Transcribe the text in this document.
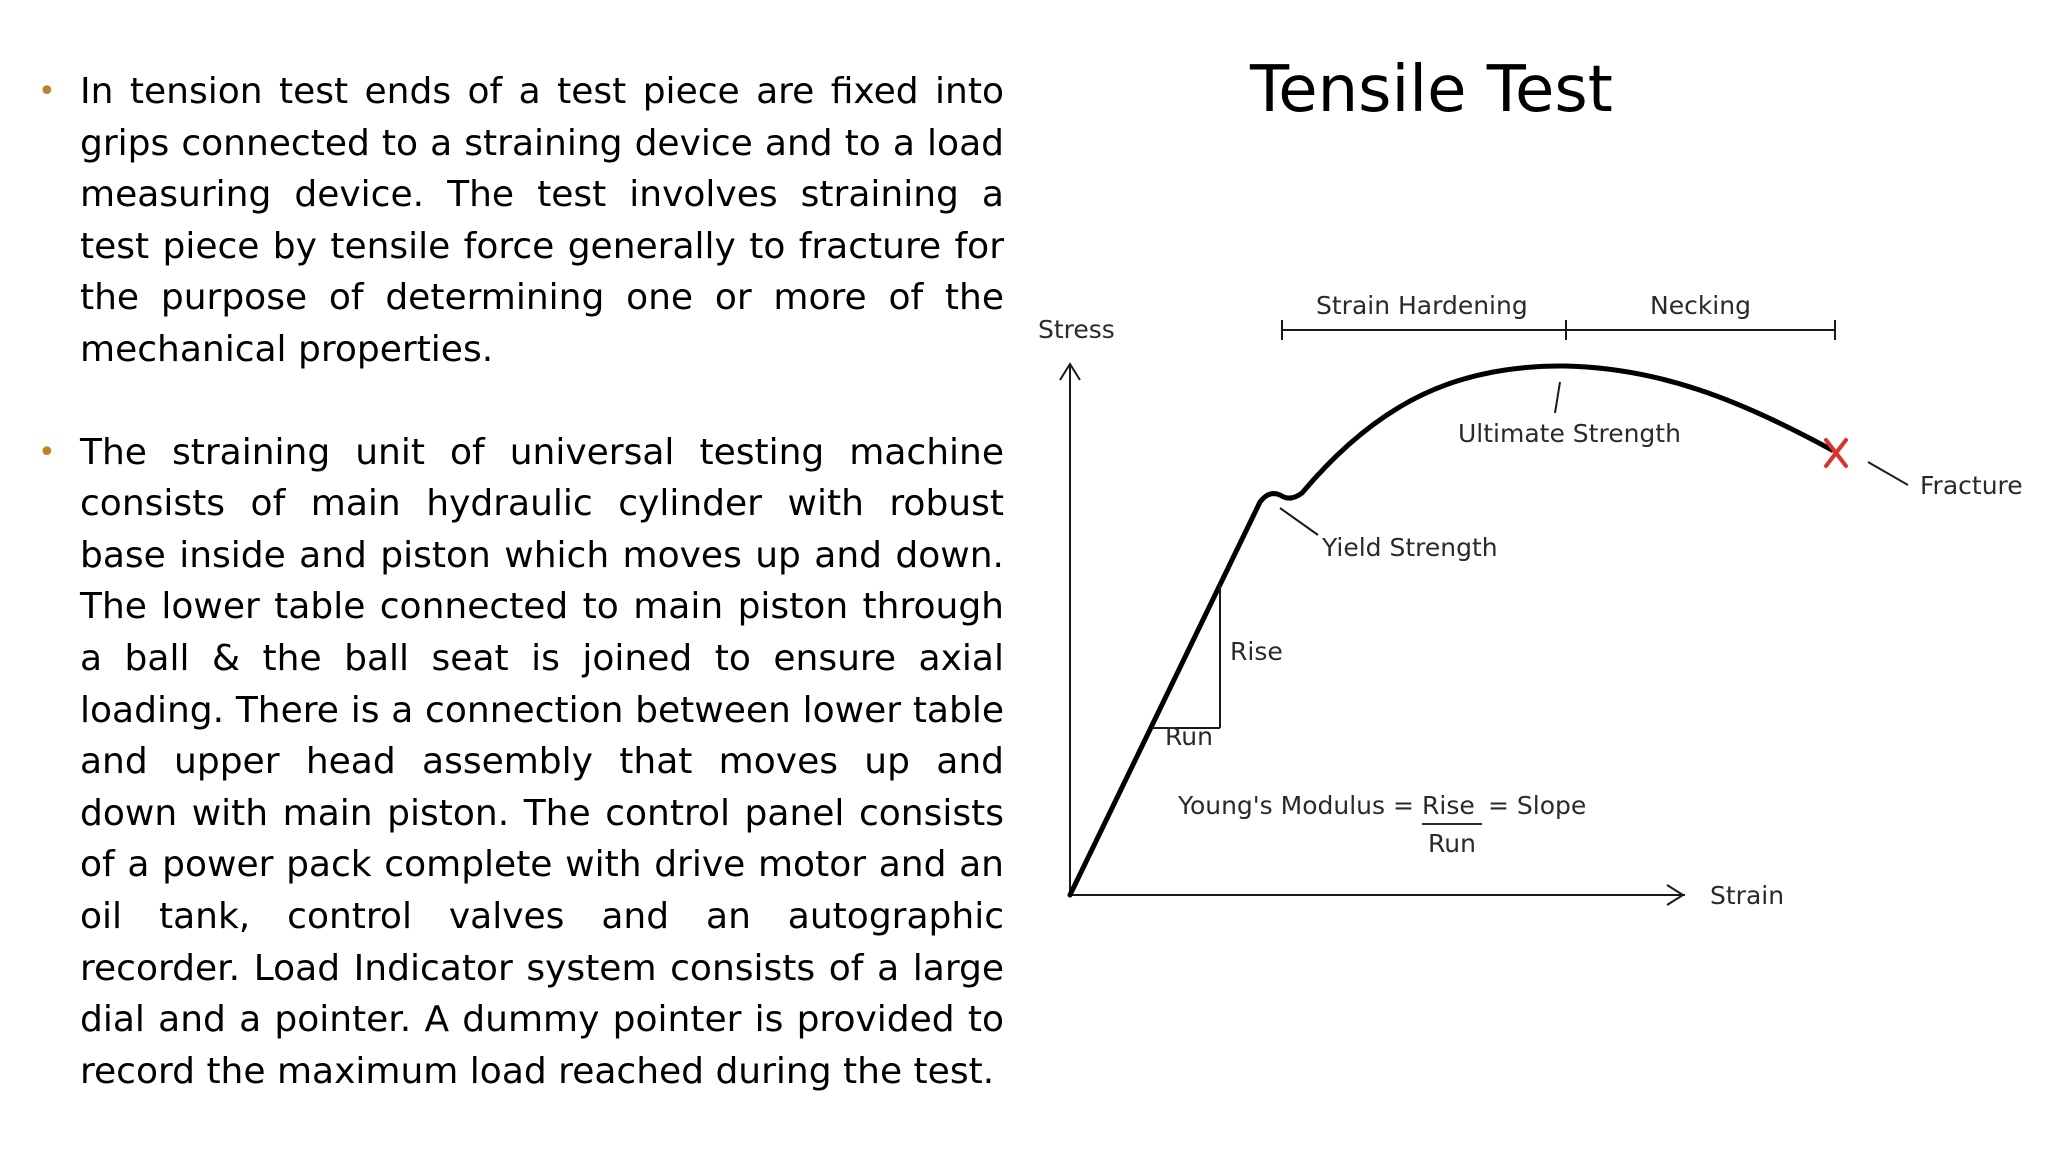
Tensile Test
• In tension test ends of a test piece are fixed into grips connected to a straining device and to a load measuring device. The test involves straining a test piece by tensile force generally to fracture for the purpose of determining one or more of the mechanical properties.
• The straining unit of universal testing machine consists of main hydraulic cylinder with robust base inside and piston which moves up and down. The lower table connected to main piston through a ball & the ball seat is joined to ensure axial loading. There is a connection between lower table and upper head assembly that moves up and down with main piston. The control panel consists of a power pack complete with drive motor and an oil tank, control valves and an autographic recorder. Load Indicator system consists of a large dial and a pointer. A dummy pointer is provided to record the maximum load reached during the test.
Stress
Strain
Strain Hardening	Necking
Rise
Run
Ultimate Strength
Yield Strength
Fracture
Young's Modulus = Rise
Run
= Slope
